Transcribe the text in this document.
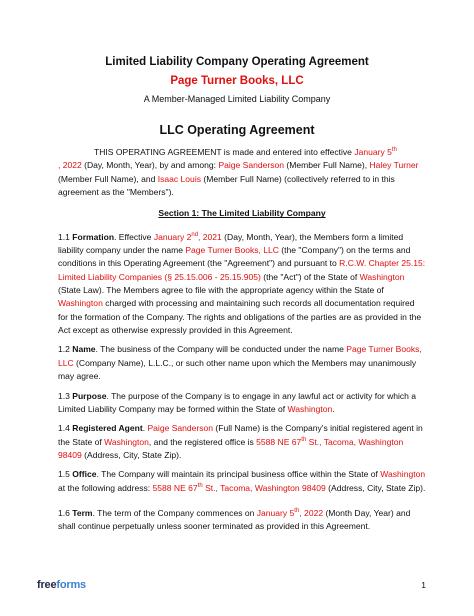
Limited Liability Company Operating Agreement
Page Turner Books, LLC
A Member-Managed Limited Liability Company
LLC Operating Agreement

THIS OPERATING AGREEMENT is made and entered into effective January 5th
, 2022 (Day, Month, Year), by and among: Paige Sanderson (Member Full Name), Haley Turner (Member Full Name), and Isaac Louis (Member Full Name) (collectively referred to in this agreement as the "Members").

Section 1: The Limited Liability Company

1.1 Formation. Effective January 2nd, 2021 (Day, Month, Year), the Members form a limited liability company under the name Page Turner Books, LLC (the "Company") on the terms and conditions in this Operating Agreement (the "Agreement") and pursuant to R.C.W. Chapter 25.15: Limited Liability Companies (§ 25.15.006 - 25.15.905) (the "Act") of the State of Washington (State Law). The Members agree to file with the appropriate agency within the State of Washington charged with processing and maintaining such records all documentation required for the formation of the Company. The rights and obligations of the parties are as provided in the Act except as otherwise expressly provided in this Agreement.

1.2 Name. The business of the Company will be conducted under the name Page Turner Books, LLC (Company Name), L.L.C., or such other name upon which the Members may unanimously may agree.

1.3 Purpose. The purpose of the Company is to engage in any lawful act or activity for which a Limited Liability Company may be formed within the State of Washington.

1.4 Registered Agent. Paige Sanderson (Full Name) is the Company's initial registered agent in the State of Washington, and the registered office is 5588 NE 67th St., Tacoma, Washington 98409 (Address, City, State Zip).

1.5 Office. The Company will maintain its principal business office within the State of Washington at the following address: 5588 NE 67th St., Tacoma, Washington 98409 (Address, City, State Zip).

1.6 Term. The term of the Company commences on January 5th, 2022 (Month Day, Year) and shall continue perpetually unless sooner terminated as provided in this Agreement.

freeforms	1
